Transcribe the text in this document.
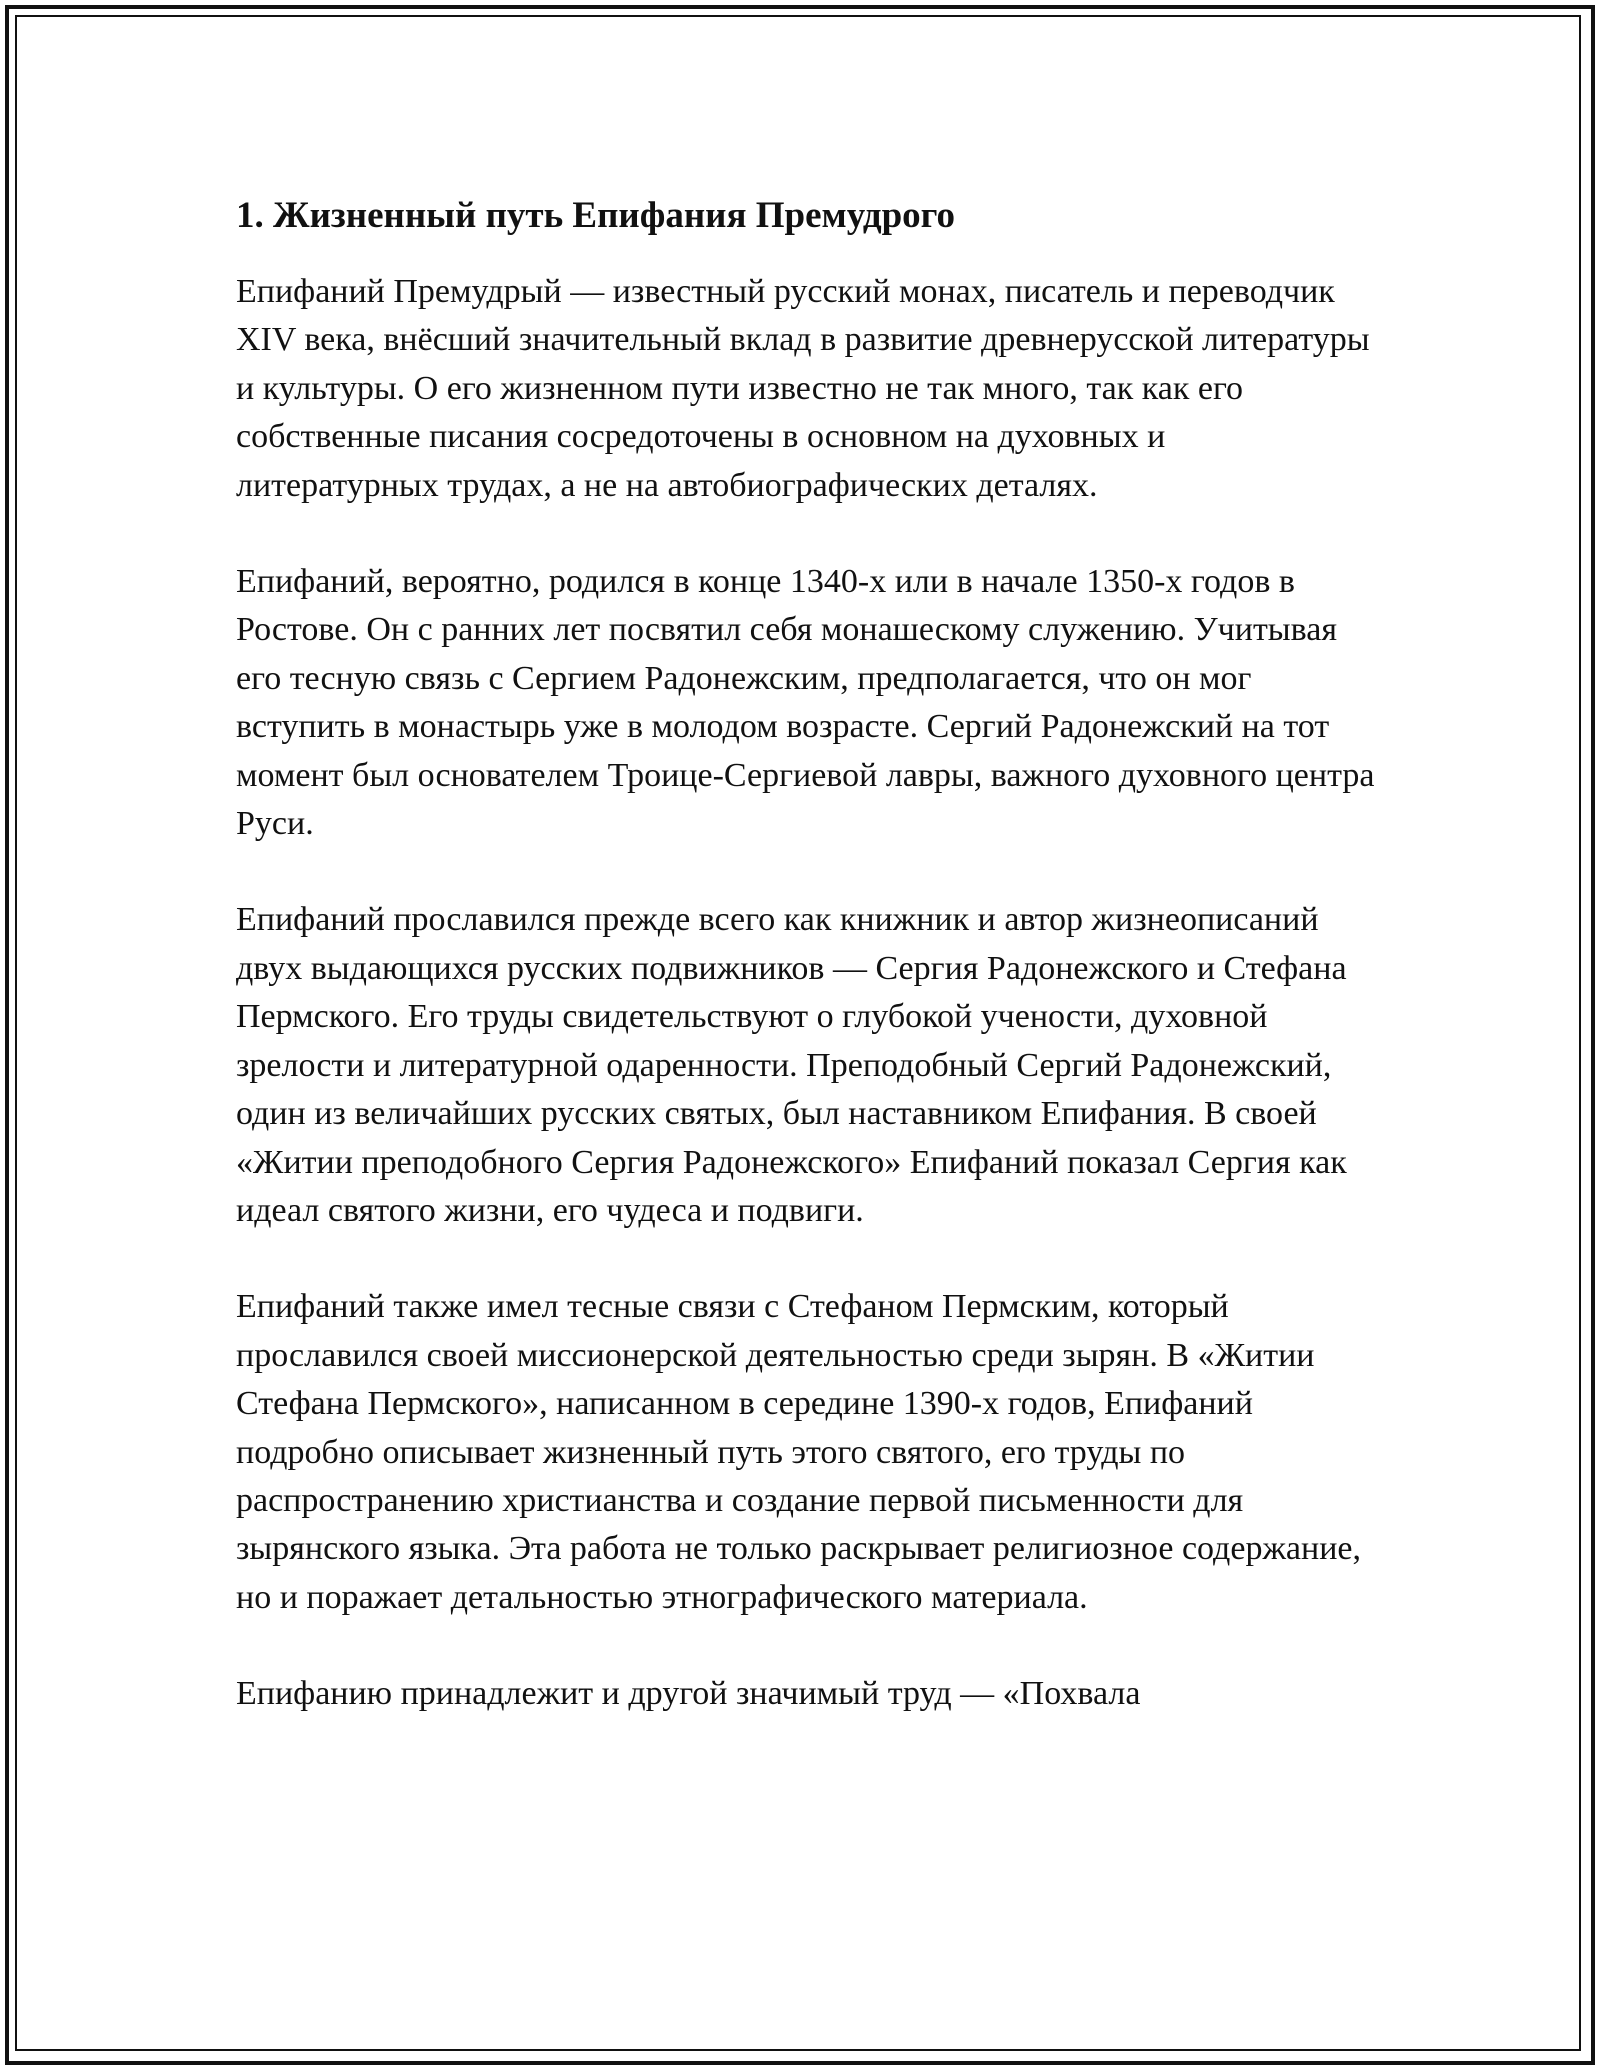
1. Жизненный путь Епифания Премудрого

Епифаний Премудрый — известный русский монах, писатель и переводчик XIV века, внёсший значительный вклад в развитие древнерусской литературы и культуры. О его жизненном пути известно не так много, так как его собственные писания сосредоточены в основном на духовных и литературных трудах, а не на автобиографических деталях.

Епифаний, вероятно, родился в конце 1340-х или в начале 1350-х годов в Ростове. Он с ранних лет посвятил себя монашескому служению. Учитывая его тесную связь с Сергием Радонежским, предполагается, что он мог вступить в монастырь уже в молодом возрасте. Сергий Радонежский на тот момент был основателем Троице-Сергиевой лавры, важного духовного центра Руси.

Епифаний прославился прежде всего как книжник и автор жизнеописаний двух выдающихся русских подвижников — Сергия Радонежского и Стефана Пермского. Его труды свидетельствуют о глубокой учености, духовной зрелости и литературной одаренности. Преподобный Сергий Радонежский, один из величайших русских святых, был наставником Епифания. В своей «Житии преподобного Сергия Радонежского» Епифаний показал Сергия как идеал святого жизни, его чудеса и подвиги.

Епифаний также имел тесные связи с Стефаном Пермским, который прославился своей миссионерской деятельностью среди зырян. В «Житии Стефана Пермского», написанном в середине 1390-х годов, Епифаний подробно описывает жизненный путь этого святого, его труды по распространению христианства и создание первой письменности для зырянского языка. Эта работа не только раскрывает религиозное содержание, но и поражает детальностью этнографического материала.

Епифанию принадлежит и другой значимый труд — «Похвала
